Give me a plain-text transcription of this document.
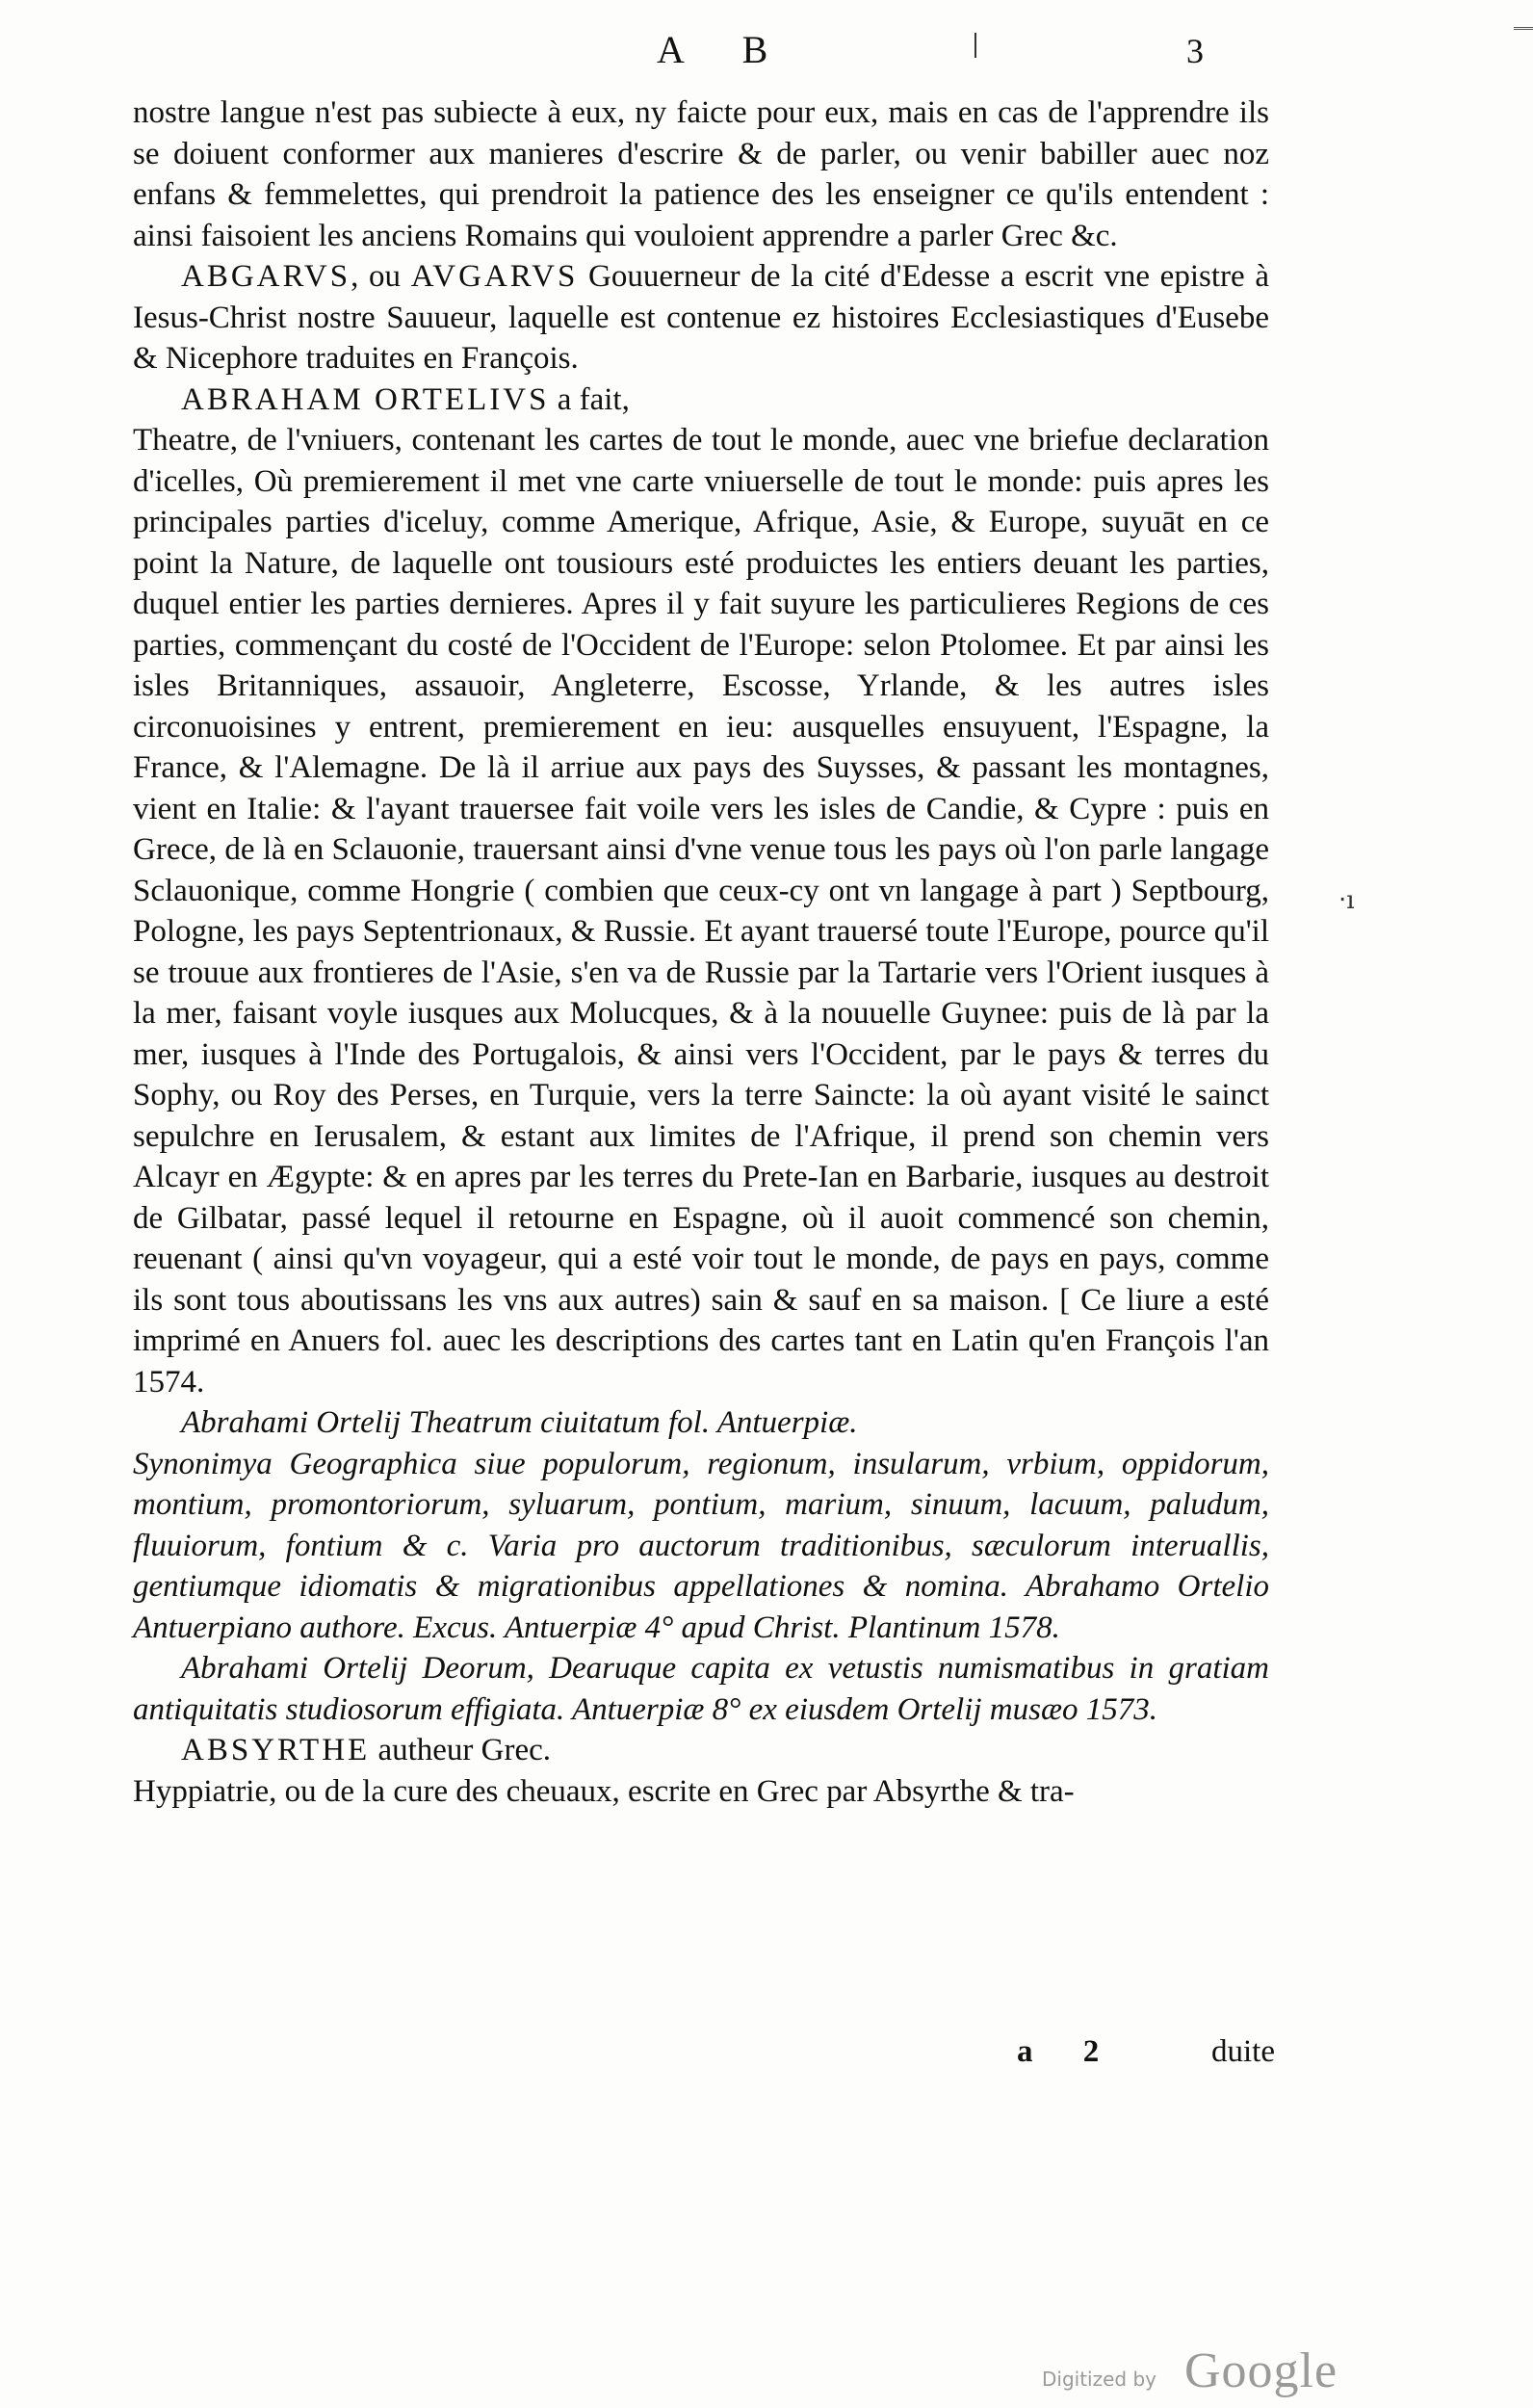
A B	3

nostre langue n'est pas subiecte à eux, ny faicte pour eux, mais en cas de l'apprendre ils se doiuent conformer aux manieres d'escrire & de parler, ou venir babiller auec noz enfans & femmelettes, qui prendroit la patience des les enseigner ce qu'ils entendent : ainsi faisoient les anciens Romains qui vouloient apprendre a parler Grec &c.

ABGARVS, ou AVGARVS Gouuerneur de la cité d'Edesse a escrit vne epistre à Iesus-Christ nostre Sauueur, laquelle est contenue ez histoires Ecclesiastiques d'Eusebe & Nicephore traduites en François.

ABRAHAM ORTELIVS a fait,

Theatre, de l'vniuers, contenant les cartes de tout le monde, auec vne briefue declaration d'icelles, Où premierement il met vne carte vniuerselle de tout le monde: puis apres les principales parties d'iceluy, comme Amerique, Afrique, Asie, & Europe, suyuāt en ce point la Nature, de laquelle ont tousiours esté produictes les entiers deuant les parties, duquel entier les parties dernieres. Apres il y fait suyure les particulieres Regions de ces parties, commençant du costé de l'Occident de l'Europe: selon Ptolomee. Et par ainsi les isles Britanniques, assauoir, Angleterre, Escosse, Yrlande, & les autres isles circonuoisines y entrent, premierement en ieu: ausquelles ensuyuent, l'Espagne, la France, & l'Alemagne. De là il arriue aux pays des Suysses, & passant les montagnes, vient en Italie: & l'ayant trauersee fait voile vers les isles de Candie, & Cypre : puis en Grece, de là en Sclauonie, trauersant ainsi d'vne venue tous les pays où l'on parle langage Sclauonique, comme Hongrie ( combien que ceux-cy ont vn langage à part ) Septbourg, Pologne, les pays Septentrionaux, & Russie. Et ayant trauersé toute l'Europe, pource qu'il se trouue aux frontieres de l'Asie, s'en va de Russie par la Tartarie vers l'Orient iusques à la mer, faisant voyle iusques aux Molucques, & à la nouuelle Guynee: puis de là par la mer, iusques à l'Inde des Portugalois, & ainsi vers l'Occident, par le pays & terres du Sophy, ou Roy des Perses, en Turquie, vers la terre Saincte: la où ayant visité le sainct sepulchre en Ierusalem, & estant aux limites de l'Afrique, il prend son chemin vers Alcayr en Ægypte: & en apres par les terres du Prete-Ian en Barbarie, iusques au destroit de Gilbatar, passé lequel il retourne en Espagne, où il auoit commencé son chemin, reuenant ( ainsi qu'vn voyageur, qui a esté voir tout le monde, de pays en pays, comme ils sont tous aboutissans les vns aux autres) sain & sauf en sa maison. [ Ce liure a esté imprimé en Anuers fol. auec les descriptions des cartes tant en Latin qu'en François l'an 1574.

Abrahami Ortelij Theatrum ciuitatum fol. Antuerpiæ.

Synonimya Geographica siue populorum, regionum, insularum, vrbium, oppidorum, montium, promontoriorum, syluarum, pontium, marium, sinuum, lacuum, paludum, fluuiorum, fontium & c. Varia pro auctorum traditionibus, sæculorum interuallis, gentiumque idiomatis & migrationibus appellationes & nomina. Abrahamo Ortelio Antuerpiano authore. Excus. Antuerpiæ 4° apud Christ. Plantinum 1578.

Abrahami Ortelij Deorum, Dearuque capita ex vetustis numismatibus in gratiam antiquitatis studiosorum effigiata. Antuerpiæ 8° ex eiusdem Ortelij musæo 1573.

ABSYRTHE autheur Grec.

Hyppiatrie, ou de la cure des cheuaux, escrite en Grec par Absyrthe & tra-

a 2	duite
‧ı
Digitized by Google
